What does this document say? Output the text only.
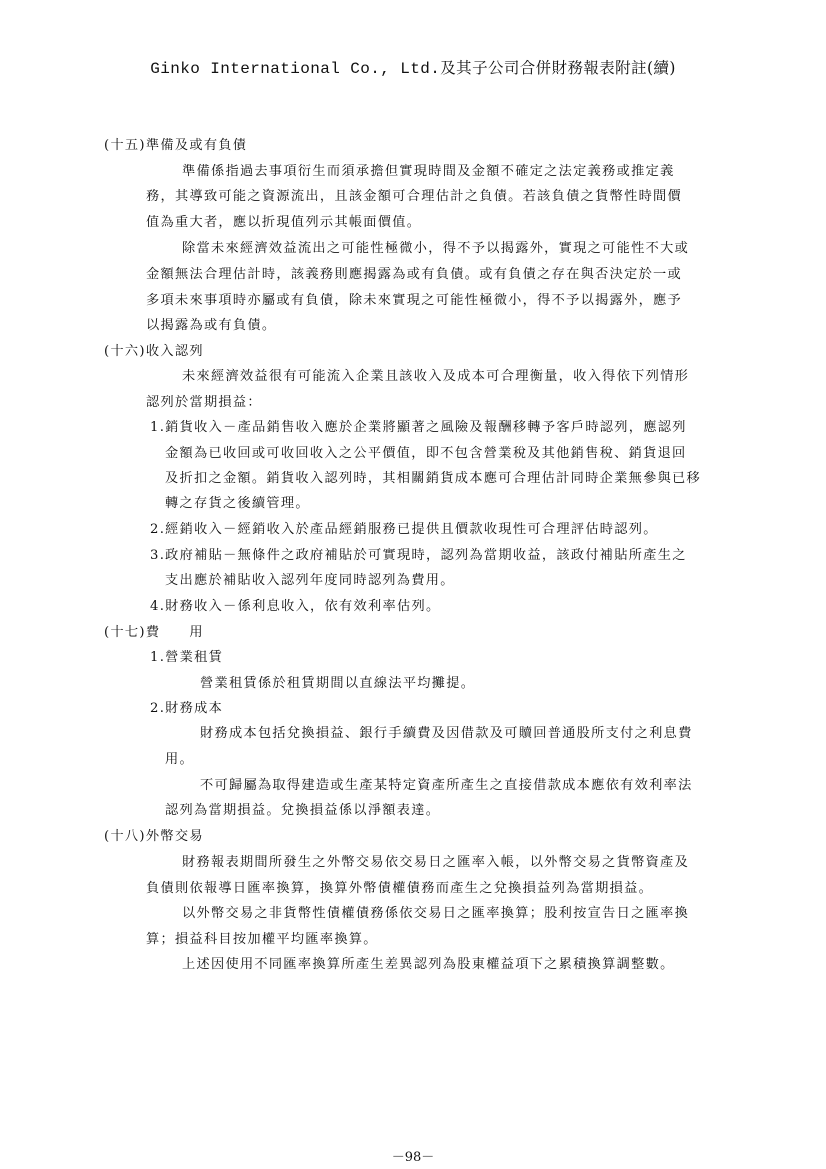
Ginko International Co., Ltd.及其子公司合併財務報表附註(續)
(十五)準備及或有負債
準備係指過去事項衍生而須承擔但實現時間及金額不確定之法定義務或推定義
務，其導致可能之資源流出，且該金額可合理估計之負債。若該負債之貨幣性時間價
值為重大者，應以折現值列示其帳面價值。
除當未來經濟效益流出之可能性極微小，得不予以揭露外，實現之可能性不大或
金額無法合理估計時，該義務則應揭露為或有負債。或有負債之存在與否決定於一或
多項未來事項時亦屬或有負債，除未來實現之可能性極微小，得不予以揭露外，應予
以揭露為或有負債。
(十六)收入認列
未來經濟效益很有可能流入企業且該收入及成本可合理衡量，收入得依下列情形
認列於當期損益：
1.銷貨收入－產品銷售收入應於企業將顯著之風險及報酬移轉予客戶時認列，應認列
金額為已收回或可收回收入之公平價值，即不包含營業稅及其他銷售稅、銷貨退回
及折扣之金額。銷貨收入認列時，其相關銷貨成本應可合理估計同時企業無參與已移
轉之存貨之後續管理。
2.經銷收入－經銷收入於產品經銷服務已提供且價款收現性可合理評估時認列。
3.政府補貼－無條件之政府補貼於可實現時，認列為當期收益，該政付補貼所產生之
支出應於補貼收入認列年度同時認列為費用。
4.財務收入－係利息收入，依有效利率估列。
(十七)費　　用
1.營業租賃
營業租賃係於租賃期間以直線法平均攤提。
2.財務成本
財務成本包括兌換損益、銀行手續費及因借款及可贖回普通股所支付之利息費
用。
不可歸屬為取得建造或生產某特定資產所產生之直接借款成本應依有效利率法
認列為當期損益。兌換損益係以淨額表達。
(十八)外幣交易
財務報表期間所發生之外幣交易依交易日之匯率入帳，以外幣交易之貨幣資產及
負債則依報導日匯率換算，換算外幣債權債務而產生之兌換損益列為當期損益。
以外幣交易之非貨幣性債權債務係依交易日之匯率換算；股利按宣告日之匯率換
算；損益科目按加權平均匯率換算。
上述因使用不同匯率換算所產生差異認列為股東權益項下之累積換算調整數。
－98－
